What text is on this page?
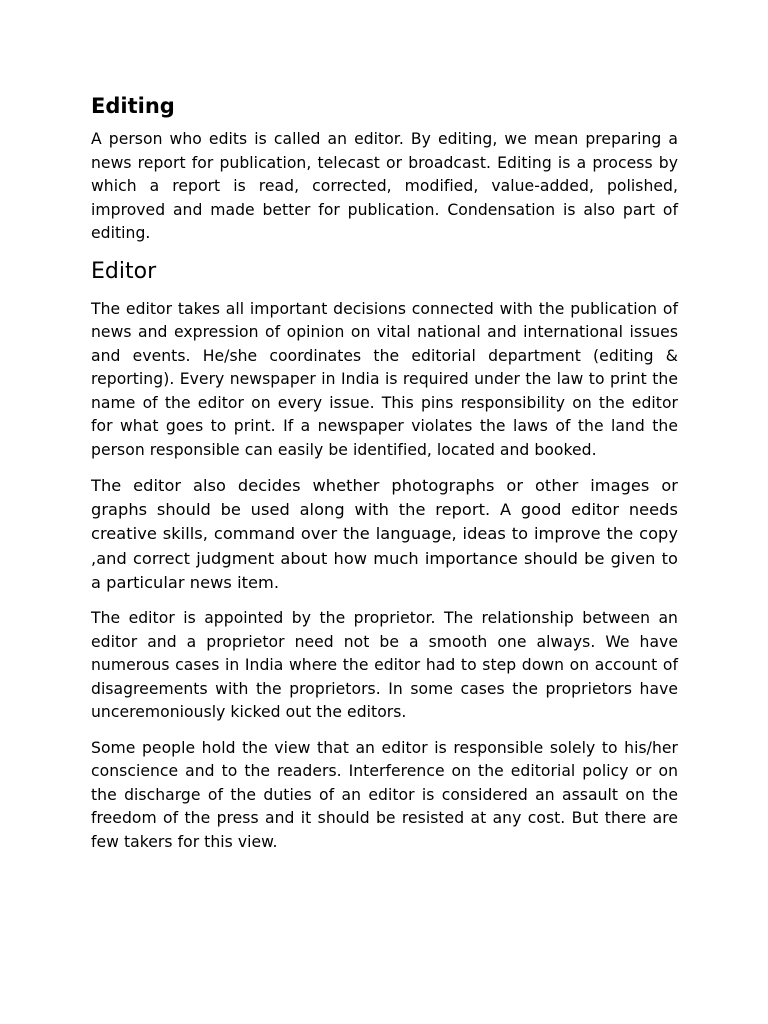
Editing

A person who edits is called an editor. By editing, we mean preparing a news report for publication, telecast or broadcast. Editing is a process by which a report is read, corrected, modified, value-added, polished, improved and made better for publication. Condensation is also part of editing.

Editor

The editor takes all important decisions connected with the publication of news and expression of opinion on vital national and international issues and events. He/she coordinates the editorial department (editing & reporting). Every newspaper in India is required under the law to print the name of the editor on every issue. This pins responsibility on the editor for what goes to print. If a newspaper violates the laws of the land the person responsible can easily be identified, located and booked.

The editor also decides whether photographs or other images or graphs should be used along with the report. A good editor needs creative skills, command over the language, ideas to improve the copy ,and correct judgment about how much importance should be given to a particular news item.

The editor is appointed by the proprietor. The relationship between an editor and a proprietor need not be a smooth one always. We have numerous cases in India where the editor had to step down on account of disagreements with the proprietors. In some cases the proprietors have unceremoniously kicked out the editors.

Some people hold the view that an editor is responsible solely to his/her conscience and to the readers. Interference on the editorial policy or on the discharge of the duties of an editor is considered an assault on the freedom of the press and it should be resisted at any cost. But there are few takers for this view.
